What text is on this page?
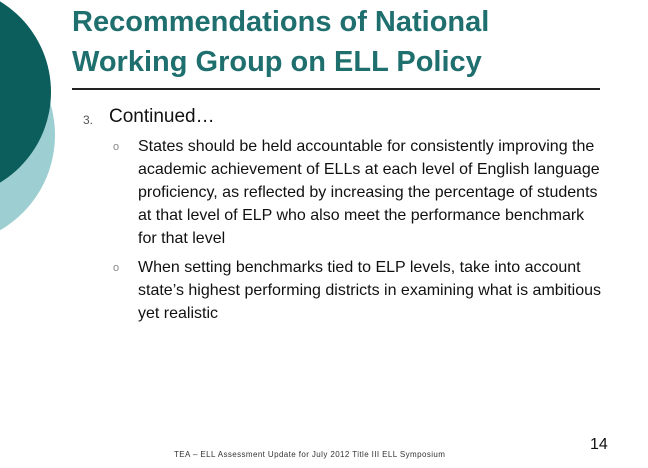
Recommendations of National Working Group on ELL Policy
3. Continued…
o States should be held accountable for consistently improving the academic achievement of ELLs at each level of English language proficiency, as reflected by increasing the percentage of students at that level of ELP who also meet the performance benchmark for that level
o When setting benchmarks tied to ELP levels, take into account state’s highest performing districts in examining what is ambitious yet realistic
TEA – ELL Assessment Update for July 2012 Title III ELL Symposium
14
